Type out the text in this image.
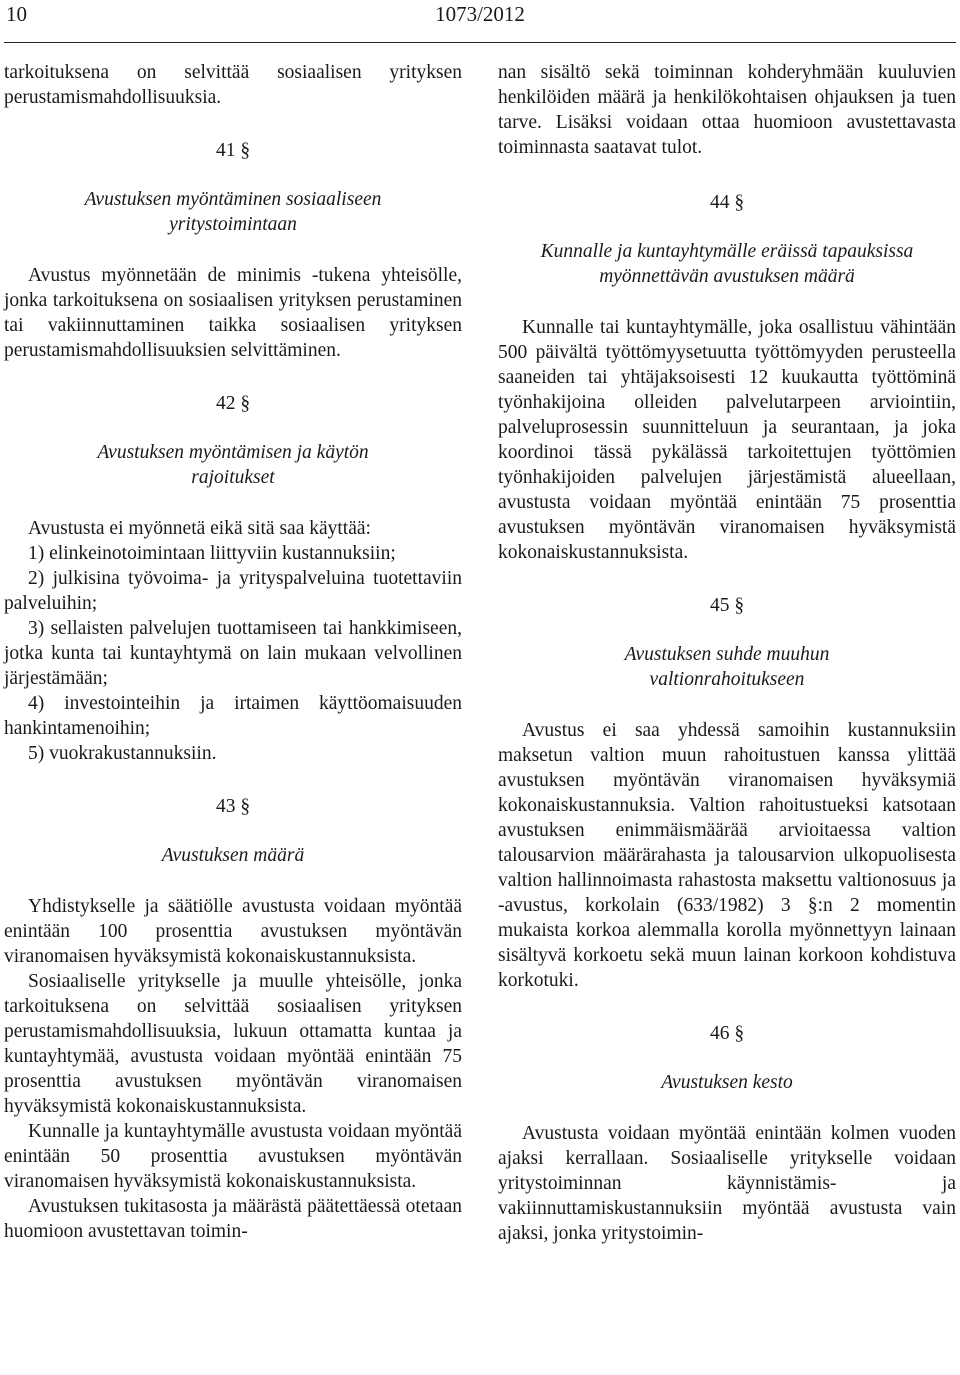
10	1073/2012

tarkoituksena on selvittää sosiaalisen yrityksen perustamismahdollisuuksia.

41 §
Avustuksen myöntäminen sosiaaliseen
yritystoimintaan

Avustus myönnetään de minimis -tukena yhteisölle, jonka tarkoituksena on sosiaalisen yrityksen perustaminen tai vakiinnuttaminen taikka sosiaalisen yrityksen perustamismahdollisuuksien selvittäminen.

42 §
Avustuksen myöntämisen ja käytön
rajoitukset

Avustusta ei myönnetä eikä sitä saa käyttää:

1) elinkeinotoimintaan liittyviin kustannuksiin;

2) julkisina työvoima- ja yrityspalveluina tuotettaviin palveluihin;

3) sellaisten palvelujen tuottamiseen tai hankkimiseen, jotka kunta tai kuntayhtymä on lain mukaan velvollinen järjestämään;

4) investointeihin ja irtaimen käyttöomaisuuden hankintamenoihin;

5) vuokrakustannuksiin.

43 §
Avustuksen määrä

Yhdistykselle ja säätiölle avustusta voidaan myöntää enintään 100 prosenttia avustuksen myöntävän viranomaisen hyväksymistä kokonaiskustannuksista.

Sosiaaliselle yritykselle ja muulle yhteisölle, jonka tarkoituksena on selvittää sosiaalisen yrityksen perustamismahdollisuuksia, lukuun ottamatta kuntaa ja kuntayhtymää, avustusta voidaan myöntää enintään 75 prosenttia avustuksen myöntävän viranomaisen hyväksymistä kokonaiskustannuksista.

Kunnalle ja kuntayhtymälle avustusta voidaan myöntää enintään 50 prosenttia avustuksen myöntävän viranomaisen hyväksymistä kokonaiskustannuksista.

Avustuksen tukitasosta ja määrästä päätettäessä otetaan huomioon avustettavan toimin-

nan sisältö sekä toiminnan kohderyhmään kuuluvien henkilöiden määrä ja henkilökohtaisen ohjauksen ja tuen tarve. Lisäksi voidaan ottaa huomioon avustettavasta toiminnasta saatavat tulot.

44 §
Kunnalle ja kuntayhtymälle eräissä tapauksissa myönnettävän avustuksen määrä

Kunnalle tai kuntayhtymälle, joka osallistuu vähintään 500 päivältä työttömyysetuutta työttömyyden perusteella saaneiden tai yhtäjaksoisesti 12 kuukautta työttöminä työnhakijoina olleiden palvelutarpeen arviointiin, palveluprosessin suunnitteluun ja seurantaan, ja joka koordinoi tässä pykälässä tarkoitettujen työttömien työnhakijoiden palvelujen järjestämistä alueellaan, avustusta voidaan myöntää enintään 75 prosenttia avustuksen myöntävän viranomaisen hyväksymistä kokonaiskustannuksista.

45 §
Avustuksen suhde muuhun
valtionrahoitukseen

Avustus ei saa yhdessä samoihin kustannuksiin maksetun valtion muun rahoitustuen kanssa ylittää avustuksen myöntävän viranomaisen hyväksymiä kokonaiskustannuksia. Valtion rahoitustueksi katsotaan avustuksen enimmäismäärää arvioitaessa valtion talousarvion määrärahasta ja talousarvion ulkopuolisesta valtion hallinnoimasta rahastosta maksettu valtionosuus ja -avustus, korkolain (633/1982) 3 §:n 2 momentin mukaista korkoa alemmalla korolla myönnettyyn lainaan sisältyvä korkoetu sekä muun lainan korkoon kohdistuva korkotuki.

46 §
Avustuksen kesto

Avustusta voidaan myöntää enintään kolmen vuoden ajaksi kerrallaan. Sosiaaliselle yritykselle voidaan yritystoiminnan käynnistämis- ja vakiinnuttamiskustannuksiin myöntää avustusta vain ajaksi, jonka yritystoimin-
